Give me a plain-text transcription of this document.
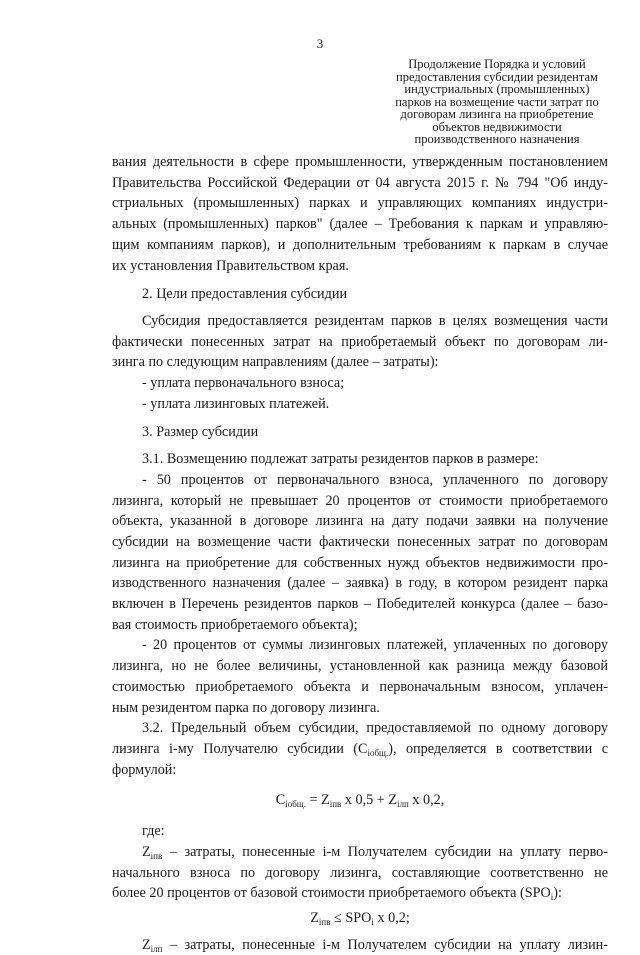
3
Продолжение Порядка и условий
предоставления субсидии резидентам
индустриальных (промышленных)
парков на возмещение части затрат по
договорам лизинга на приобретение
объектов недвижимости
производственного назначения

вания деятельности в сфере промышленности, утвержденным постановлением

Правительства Российской Федерации от 04 августа 2015 г. № 794 "Об инду-

стриальных (промышленных) парках и управляющих компаниях индустри-

альных (промышленных) парков" (далее – Требования к паркам и управляю-

щим компаниям парков), и дополнительным требованиям к паркам в случае

их установления Правительством края.

2. Цели предоставления субсидии

Субсидия предоставляется резидентам парков в целях возмещения части

фактически понесенных затрат на приобретаемый объект по договорам ли-

зинга по следующим направлениям (далее – затраты):

- уплата первоначального взноса;

- уплата лизинговых платежей.

3. Размер субсидии

3.1. Возмещению подлежат затраты резидентов парков в размере:

- 50 процентов от первоначального взноса, уплаченного по договору

лизинга, который не превышает 20 процентов от стоимости приобретаемого

объекта, указанной в договоре лизинга на дату подачи заявки на получение

субсидии на возмещение части фактически понесенных затрат по договорам

лизинга на приобретение для собственных нужд объектов недвижимости про-

изводственного назначения (далее – заявка) в году, в котором резидент парка

включен в Перечень резидентов парков – Победителей конкурса (далее – базо-

вая стоимость приобретаемого объекта);

- 20 процентов от суммы лизинговых платежей, уплаченных по договору

лизинга, но не более величины, установленной как разница между базовой

стоимостью приобретаемого объекта и первоначальным взносом, уплачен-

ным резидентом парка по договору лизинга.

3.2. Предельный объем субсидии, предоставляемой по одному договору

лизинга i-му Получателю субсидии $(С_{iобщ.})$, определяется в соответствии с

формулой:

$С_{iобщ.} = Z_{iпв}$ х $0,5 + Z_{iлп}$ х 0,2,

где:

$Z_{iпв}$ – затраты, понесенные i-м Получателем субсидии на уплату перво-

начального взноса по договору лизинга, составляющие соответственно не

более 20 процентов от базовой стоимости приобретаемого объекта $(SPO_i)$:

$Z_{iпв} \le SPO_i$ х 0,2;

$Z_{iлп}$ – затраты, понесенные i-м Получателем субсидии на уплату лизин-
